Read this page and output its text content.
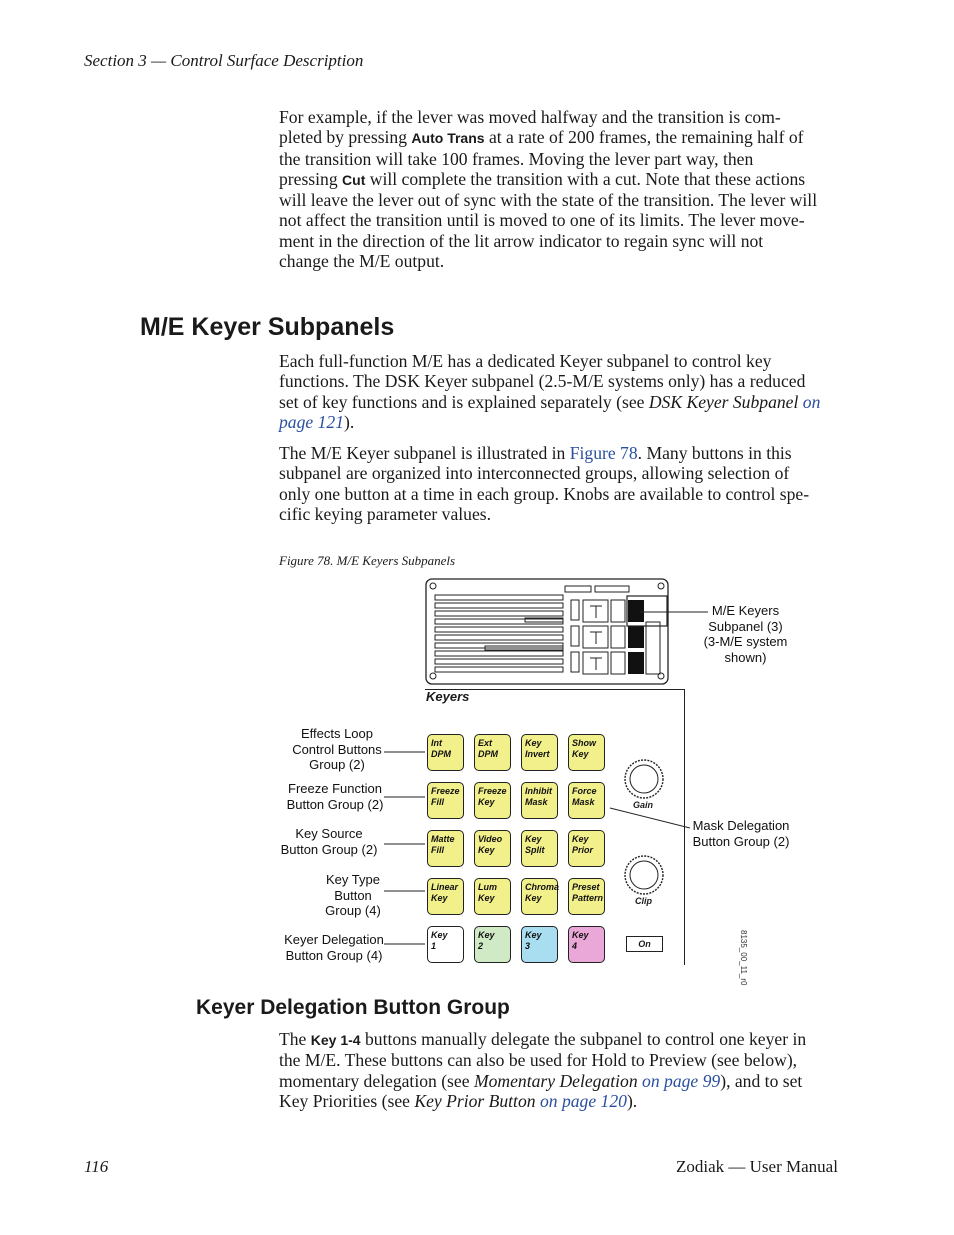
Section 3 — Control Surface Description

For example, if the lever was moved halfway and the transition is com-

pleted by pressing Auto Trans at a rate of 200 frames, the remaining half of

the transition will take 100 frames. Moving the lever part way, then

pressing Cut will complete the transition with a cut. Note that these actions

will leave the lever out of sync with the state of the transition. The lever will

not affect the transition until is moved to one of its limits. The lever move-

ment in the direction of the lit arrow indicator to regain sync will not

change the M/E output.

M/E Keyer Subpanels

Each full-function M/E has a dedicated Keyer subpanel to control key

functions. The DSK Keyer subpanel (2.5-M/E systems only) has a reduced

set of key functions and is explained separately (see DSK Keyer Subpanel on

page 121).

The M/E Keyer subpanel is illustrated in Figure 78. Many buttons in this

subpanel are organized into interconnected groups, allowing selection of

only one button at a time in each group. Knobs are available to control spe-

cific keying parameter values.

Figure 78. M/E Keyers Subpanels
M/E Keyers
Subpanel (3)
(3-M/E system
shown)
Keyers
Int
DPM
Ext
DPM
Key
Invert
Show
Key
Freeze
Fill
Freeze
Key
Inhibit
Mask
Force
Mask
Matte
Fill
Video
Key
Key
Split
Key
Prior
Linear
Key
Lum
Key
Chroma
Key
Preset
Pattern
Key
1
Key
2
Key
3
Key
4
Gain
Clip
On	8135_00_11_r0
Effects Loop
Control Buttons
Group (2)
Freeze Function
Button Group (2)
Key Source
Button Group (2)
Key Type
Button
Group (4)
Keyer Delegation
Button Group (4)
Mask Delegation
Button Group (2)
Keyer Delegation Button Group

The Key 1-4 buttons manually delegate the subpanel to control one keyer in

the M/E. These buttons can also be used for Hold to Preview (see below),

momentary delegation (see Momentary Delegation on page 99), and to set

Key Priorities (see Key Prior Button on page 120).

116	Zodiak — User Manual
